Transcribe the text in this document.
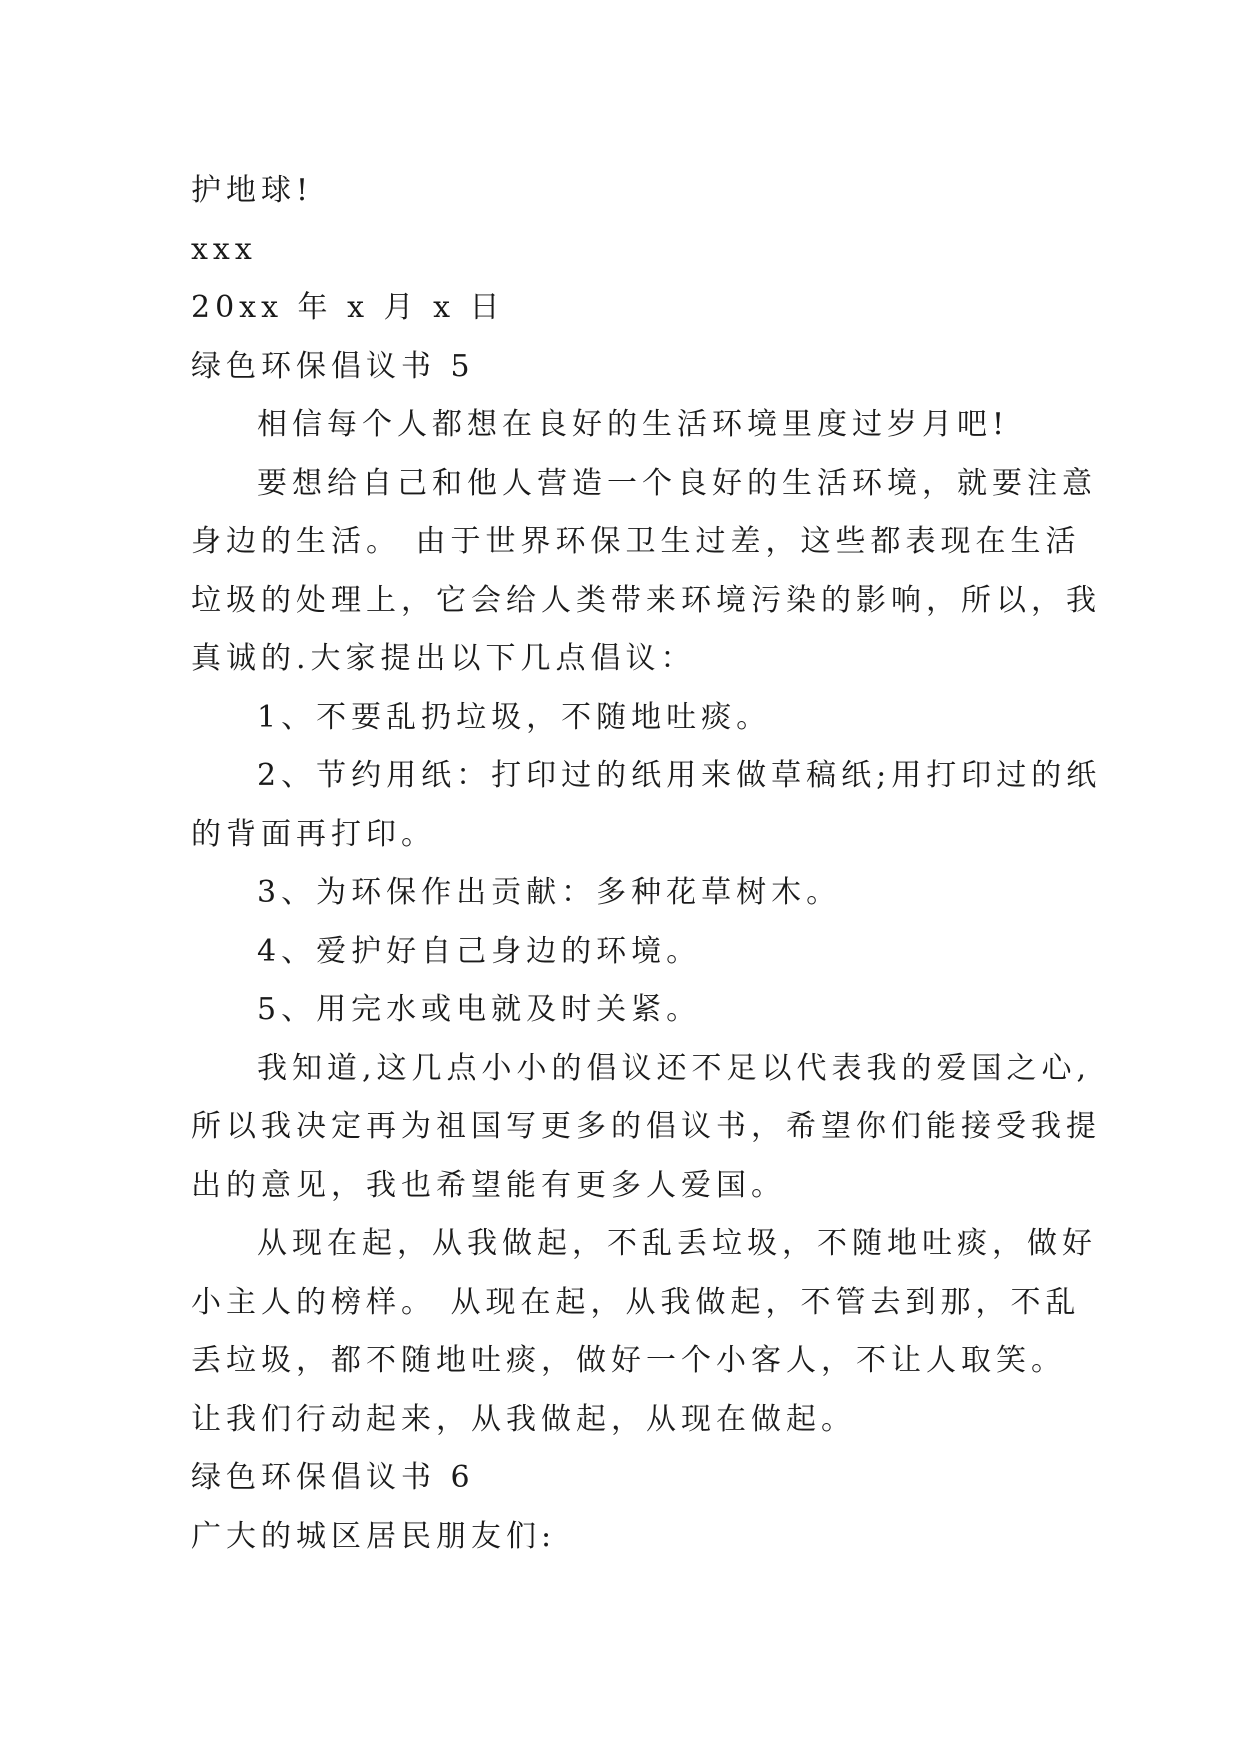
护地球!
xxx
20xx 年 x 月 x 日
绿色环保倡议书 5
相信每个人都想在良好的生活环境里度过岁月吧!
要想给自己和他人营造一个良好的生活环境，就要注意
身边的生活。 由于世界环保卫生过差，这些都表现在生活
垃圾的处理上，它会给人类带来环境污染的影响，所以，我
真诚的.大家提出以下几点倡议：
1、不要乱扔垃圾，不随地吐痰。
2、节约用纸：打印过的纸用来做草稿纸;用打印过的纸
的背面再打印。
3、为环保作出贡献：多种花草树木。
4、爱护好自己身边的环境。
5、用完水或电就及时关紧。
我知道,这几点小小的倡议还不足以代表我的爱国之心,
所以我决定再为祖国写更多的倡议书，希望你们能接受我提
出的意见，我也希望能有更多人爱国。
从现在起，从我做起，不乱丢垃圾，不随地吐痰，做好
小主人的榜样。 从现在起，从我做起，不管去到那，不乱
丢垃圾，都不随地吐痰，做好一个小客人，不让人取笑。
让我们行动起来，从我做起，从现在做起。
绿色环保倡议书 6
广大的城区居民朋友们:
